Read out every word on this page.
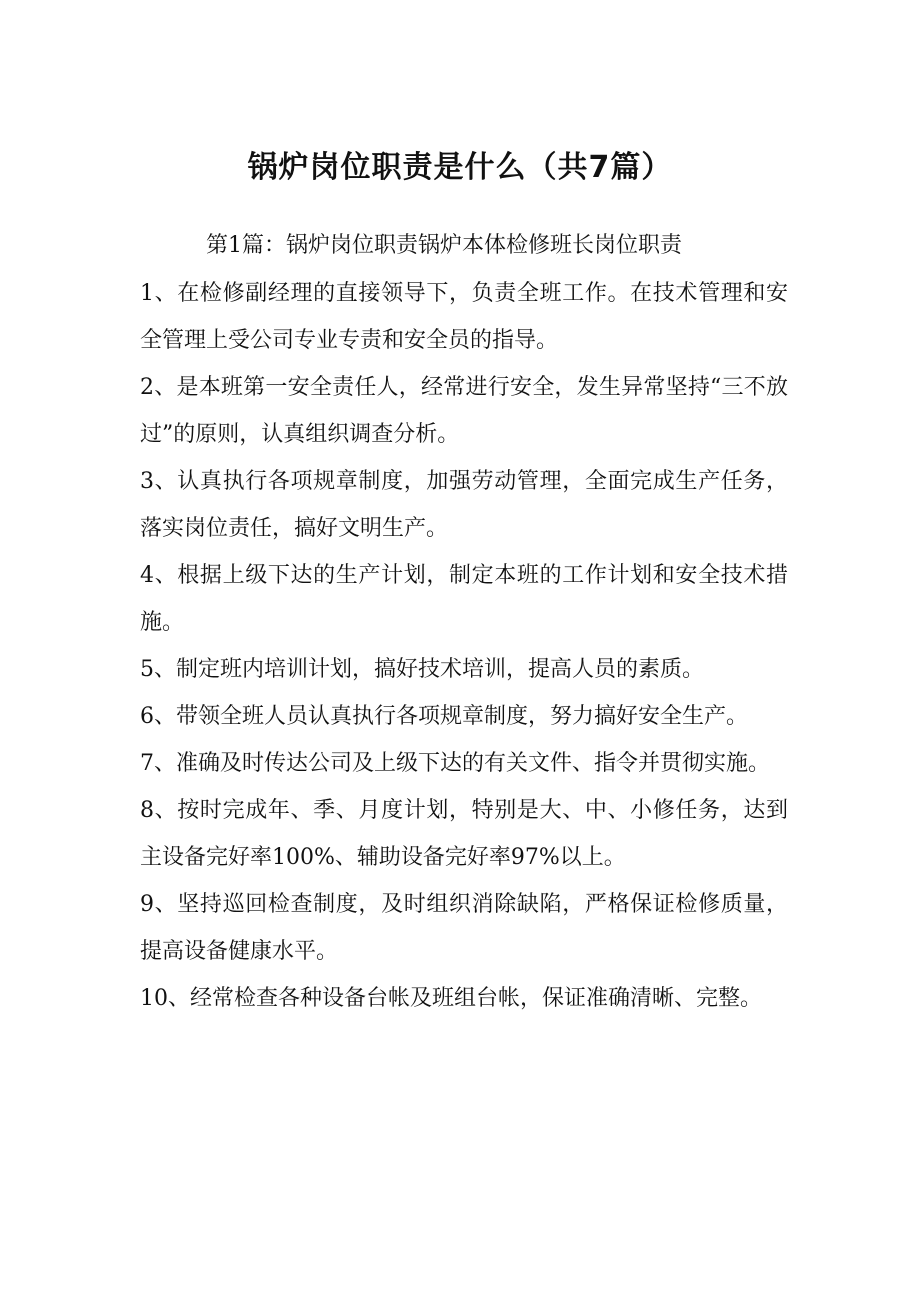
锅炉岗位职责是什么（共7篇）

第1篇：锅炉岗位职责锅炉本体检修班长岗位职责

1、在检修副经理的直接领导下，负责全班工作。在技术管理和安全管理上受公司专业专责和安全员的指导。
2、是本班第一安全责任人，经常进行安全，发生异常坚持“三不放过”的原则，认真组织调查分析。
3、认真执行各项规章制度，加强劳动管理，全面完成生产任务，落实岗位责任，搞好文明生产。
4、根据上级下达的生产计划，制定本班的工作计划和安全技术措施。
5、制定班内培训计划，搞好技术培训，提高人员的素质。
6、带领全班人员认真执行各项规章制度，努力搞好安全生产。
7、准确及时传达公司及上级下达的有关文件、指令并贯彻实施。
8、按时完成年、季、月度计划，特别是大、中、小修任务，达到主设备完好率100%、辅助设备完好率97%以上。
9、坚持巡回检查制度，及时组织消除缺陷，严格保证检修质量，提高设备健康水平。
10、经常检查各种设备台帐及班组台帐，保证准确清晰、完整。
